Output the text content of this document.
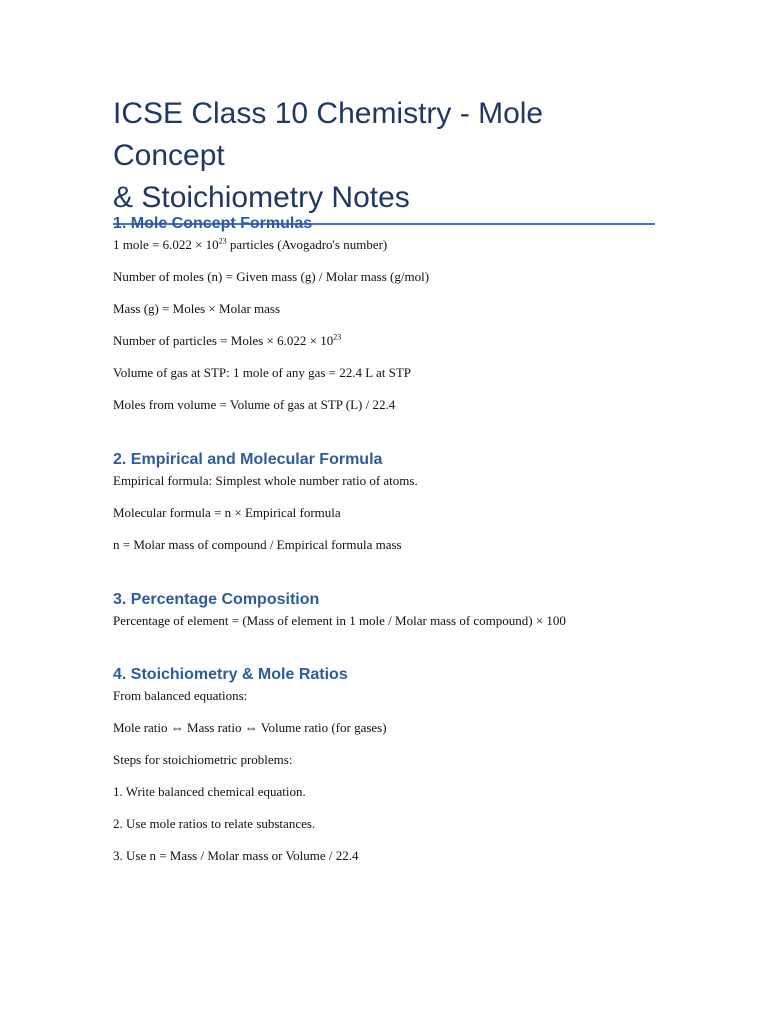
ICSE Class 10 Chemistry - Mole Concept
& Stoichiometry Notes
1. Mole Concept Formulas

1 mole = $6.022 \times 10^{23}$ particles (Avogadro's number)

Number of moles (n) = Given mass (g) / Molar mass (g/mol)

Mass (g) = Moles × Molar mass

Number of particles = Moles × $6.022 \times 10^{23}$

Volume of gas at STP: 1 mole of any gas = 22.4 L at STP

Moles from volume = Volume of gas at STP (L) / 22.4

2. Empirical and Molecular Formula

Empirical formula: Simplest whole number ratio of atoms.

Molecular formula = n × Empirical formula

n = Molar mass of compound / Empirical formula mass

3. Percentage Composition

Percentage of element = (Mass of element in 1 mole / Molar mass of compound) × 100

4. Stoichiometry & Mole Ratios

From balanced equations:

Mole ratio ⇔ Mass ratio ⇔ Volume ratio (for gases)

Steps for stoichiometric problems:

1. Write balanced chemical equation.

2. Use mole ratios to relate substances.

3. Use n = Mass / Molar mass or Volume / 22.4
